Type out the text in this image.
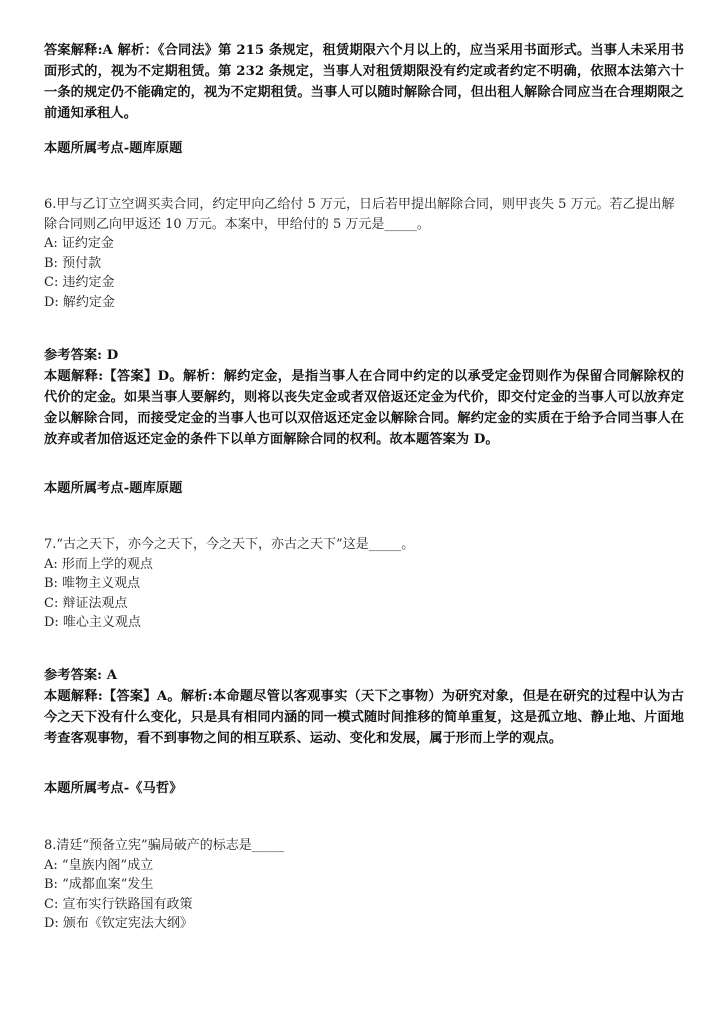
答案解释:A 解析：《合同法》第 215 条规定，租赁期限六个月以上的，应当采用书面形式。当事人未采用书面形式的，视为不定期租赁。第 232 条规定，当事人对租赁期限没有约定或者约定不明确，依照本法第六十一条的规定仍不能确定的，视为不定期租赁。当事人可以随时解除合同，但出租人解除合同应当在合理期限之前通知承租人。

本题所属考点-题库原题

6.甲与乙订立空调买卖合同，约定甲向乙给付 5 万元，日后若甲提出解除合同，则甲丧失 5 万元。若乙提出解除合同则乙向甲返还 10 万元。本案中，甲给付的 5 万元是_____。

A: 证约定金

B: 预付款

C: 违约定金

D: 解约定金

参考答案: D

本题解释:【答案】D。解析：解约定金，是指当事人在合同中约定的以承受定金罚则作为保留合同解除权的代价的定金。如果当事人要解约，则将以丧失定金或者双倍返还定金为代价，即交付定金的当事人可以放弃定金以解除合同，而接受定金的当事人也可以双倍返还定金以解除合同。解约定金的实质在于给予合同当事人在放弃或者加倍返还定金的条件下以单方面解除合同的权利。故本题答案为 D。

本题所属考点-题库原题

7.“古之天下，亦今之天下，今之天下，亦古之天下”这是_____。

A: 形而上学的观点

B: 唯物主义观点

C: 辩证法观点

D: 唯心主义观点

参考答案: A

本题解释:【答案】A。解析:本命题尽管以客观事实（天下之事物）为研究对象，但是在研究的过程中认为古今之天下没有什么变化，只是具有相同内涵的同一模式随时间推移的简单重复，这是孤立地、静止地、片面地考查客观事物，看不到事物之间的相互联系、运动、变化和发展，属于形而上学的观点。

本题所属考点-《马哲》

8.清廷“预备立宪”骗局破产的标志是_____

A: “皇族内阁”成立

B: “成都血案”发生

C: 宣布实行铁路国有政策

D: 颁布《钦定宪法大纲》
